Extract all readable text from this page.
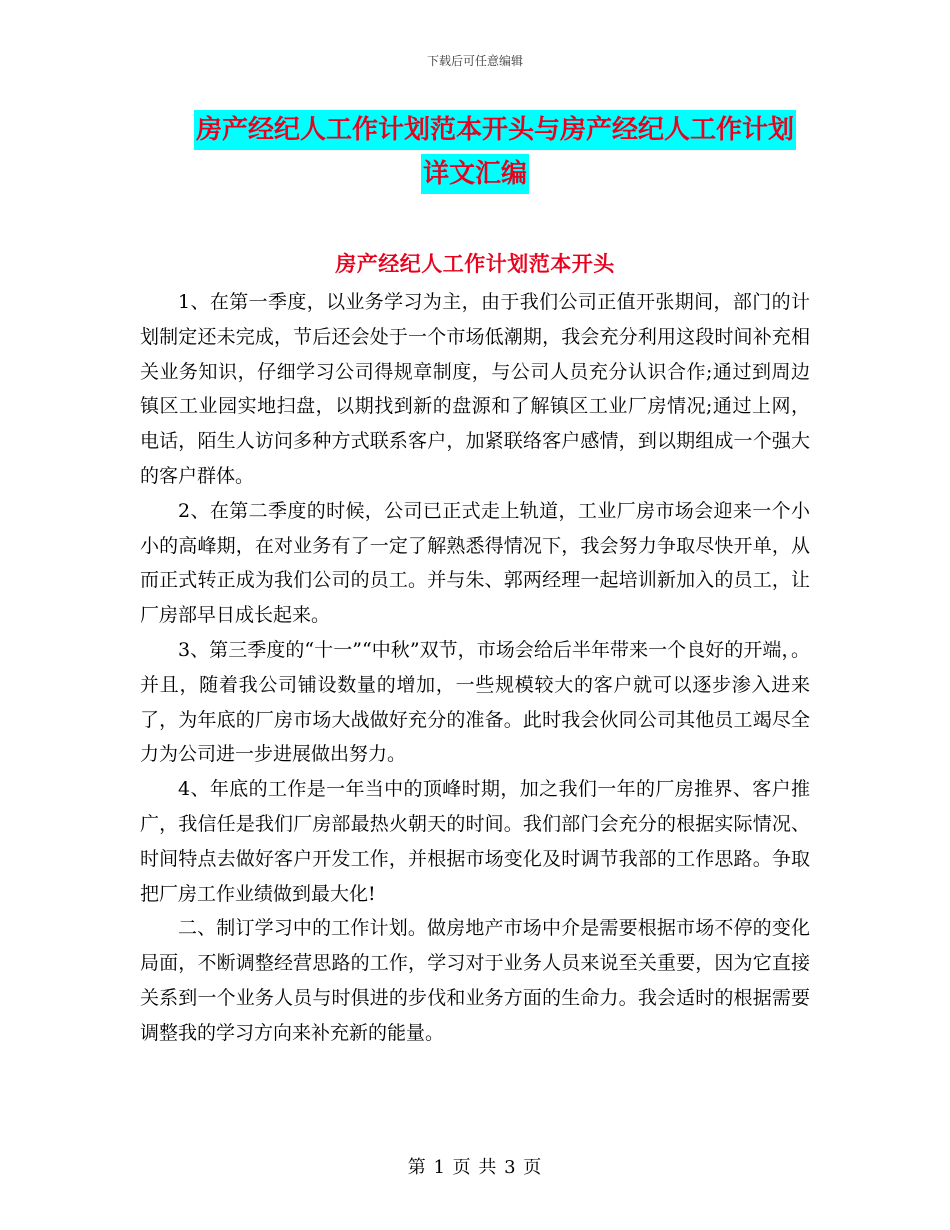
下载后可任意编辑
房产经纪人工作计划范本开头与房产经纪人工作计划
详文汇编
房产经纪人工作计划范本开头

1、在第一季度，以业务学习为主，由于我们公司正值开张期间，部门的计划制定还未完成，节后还会处于一个市场低潮期，我会充分利用这段时间补充相关业务知识，仔细学习公司得规章制度，与公司人员充分认识合作;通过到周边镇区工业园实地扫盘，以期找到新的盘源和了解镇区工业厂房情况;通过上网，电话，陌生人访问多种方式联系客户，加紧联络客户感情，到以期组成一个强大的客户群体。

2、在第二季度的时候，公司已正式走上轨道，工业厂房市场会迎来一个小小的高峰期，在对业务有了一定了解熟悉得情况下，我会努力争取尽快开单，从而正式转正成为我们公司的员工。并与朱、郭两经理一起培训新加入的员工，让厂房部早日成长起来。

3、第三季度的“十一”“中秋”双节，市场会给后半年带来一个良好的开端，。并且，随着我公司铺设数量的增加，一些规模较大的客户就可以逐步渗入进来了，为年底的厂房市场大战做好充分的准备。此时我会伙同公司其他员工竭尽全力为公司进一步进展做出努力。

4、年底的工作是一年当中的顶峰时期，加之我们一年的厂房推界、客户推广，我信任是我们厂房部最热火朝天的时间。我们部门会充分的根据实际情况、时间特点去做好客户开发工作，并根据市场变化及时调节我部的工作思路。争取把厂房工作业绩做到最大化!

二、制订学习中的工作计划。做房地产市场中介是需要根据市场不停的变化局面，不断调整经营思路的工作，学习对于业务人员来说至关重要，因为它直接关系到一个业务人员与时俱进的步伐和业务方面的生命力。我会适时的根据需要调整我的学习方向来补充新的能量。

第 1 页 共 3 页
